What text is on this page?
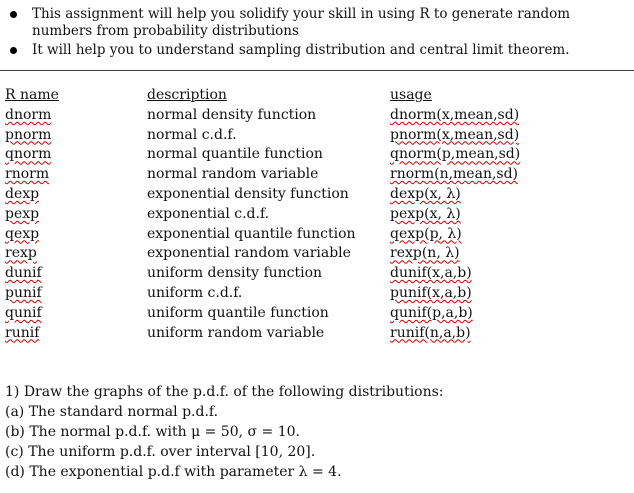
This assignment will help you solidify your skill in using R to generate random
numbers from probability distributions
It will help you to understand sampling distribution and central limit theorem.
R name	description	usage
dnorm	normal density function	dnorm(x,mean,sd)
pnorm	normal c.d.f.	pnorm(x,mean,sd)
qnorm	normal quantile function	qnorm(p,mean,sd)
rnorm	normal random variable	rnorm(n,mean,sd)
dexp	exponential density function	dexp(x, λ)
pexp	exponential c.d.f.	pexp(x, λ)
qexp	exponential quantile function	qexp(p, λ)
rexp	exponential random variable	rexp(n, λ)
dunif	uniform density function	dunif(x,a,b)
punif	uniform c.d.f.	punif(x,a,b)
qunif	uniform quantile function	qunif(p,a,b)
runif	uniform random variable	runif(n,a,b)
1) Draw the graphs of the p.d.f. of the following distributions:
(a) The standard normal p.d.f.
(b) The normal p.d.f. with μ = 50, σ = 10.
(c) The uniform p.d.f. over interval [10, 20].
(d) The exponential p.d.f with parameter λ = 4.
